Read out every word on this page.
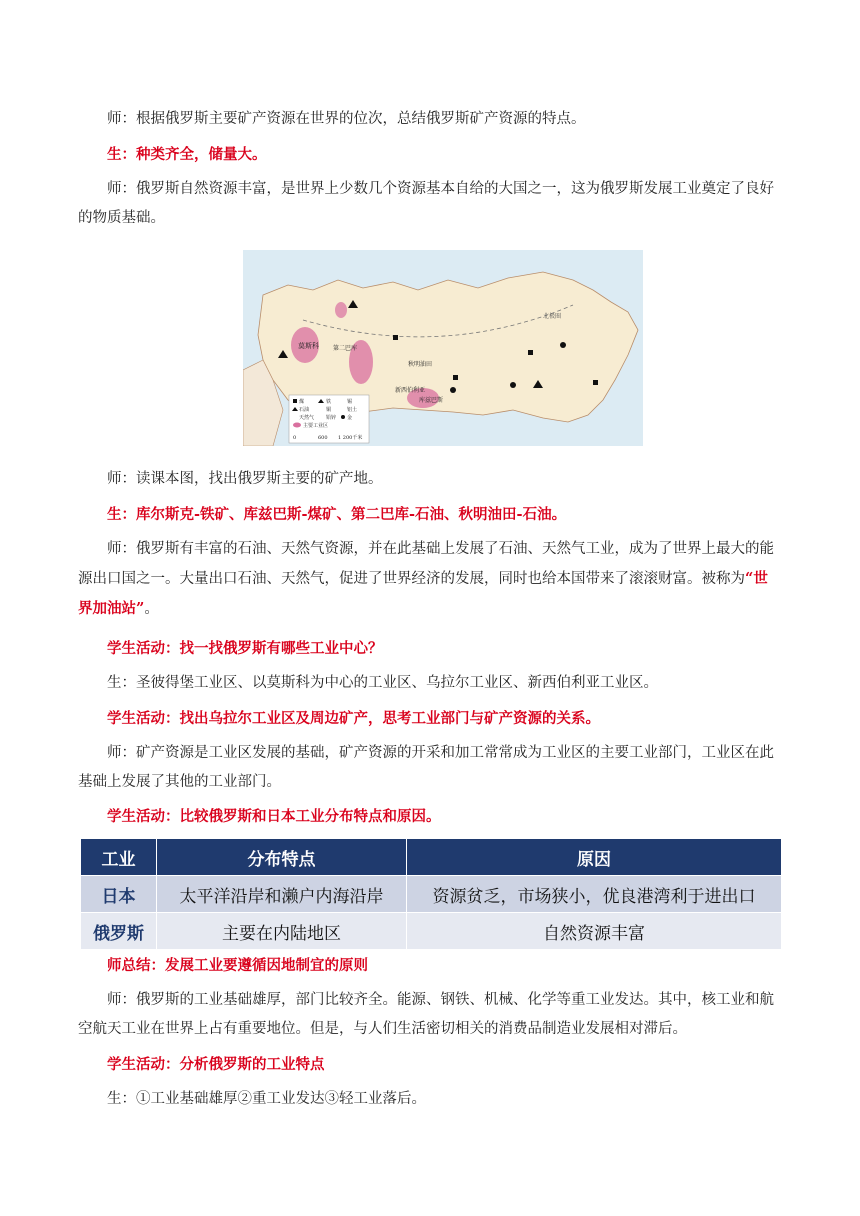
师：根据俄罗斯主要矿产资源在世界的位次，总结俄罗斯矿产资源的特点。

生：种类齐全，储量大。

师：俄罗斯自然资源丰富，是世界上少数几个资源基本自给的大国之一，这为俄罗斯发展工业奠定了良好的物质基础。

北极圈
莫斯科 第二巴库
秋明油田
库兹巴斯
新西伯利亚
煤	铁	锡
石油	铜	铝土
天然气 铅锌 金
主要工业区
0	600 1 200千米

师：读课本图，找出俄罗斯主要的矿产地。

生：库尔斯克-铁矿、库兹巴斯-煤矿、第二巴库-石油、秋明油田-石油。

师：俄罗斯有丰富的石油、天然气资源，并在此基础上发展了石油、天然气工业，成为了世界上最大的能源出口国之一。大量出口石油、天然气，促进了世界经济的发展，同时也给本国带来了滚滚财富。被称为“世界加油站”。

学生活动：找一找俄罗斯有哪些工业中心？

生：圣彼得堡工业区、以莫斯科为中心的工业区、乌拉尔工业区、新西伯利亚工业区。

学生活动：找出乌拉尔工业区及周边矿产，思考工业部门与矿产资源的关系。

师：矿产资源是工业区发展的基础，矿产资源的开采和加工常常成为工业区的主要工业部门，工业区在此基础上发展了其他的工业部门。

学生活动：比较俄罗斯和日本工业分布特点和原因。

工业	分布特点	原因
日本	太平洋沿岸和濑户内海沿岸	资源贫乏，市场狭小，优良港湾利于进出口
俄罗斯	主要在内陆地区	自然资源丰富

师总结：发展工业要遵循因地制宜的原则

师：俄罗斯的工业基础雄厚，部门比较齐全。能源、钢铁、机械、化学等重工业发达。其中，核工业和航空航天工业在世界上占有重要地位。但是，与人们生活密切相关的消费品制造业发展相对滞后。

学生活动：分析俄罗斯的工业特点

生：①工业基础雄厚②重工业发达③轻工业落后。
